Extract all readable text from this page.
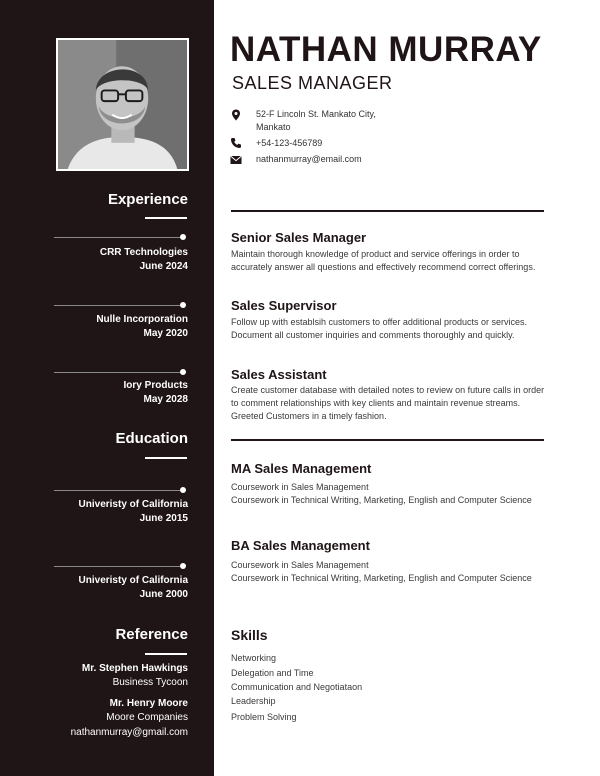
Experience
CRR Technologies
June 2024
Nulle Incorporation
May 2020
Iory Products
May 2028
Education
Univeristy of California
June 2015
Univeristy of California
June 2000
Reference
Mr. Stephen Hawkings
Business Tycoon
Mr. Henry Moore
Moore Companies
nathanmurray@gmail.com
NATHAN MURRAY
SALES MANAGER
52-F Lincoln St. Mankato City, Mankato
+54-123-456789
nathanmurray@email.com
Senior Sales Manager
Maintain thorough knowledge of product and service offerings in order to accurately answer all questions and effectively recommend correct offerings.
Sales Supervisor
Follow up with establsih customers to offer additional products or services. Document all customer inquiries and comments thoroughly and quickly.
Sales Assistant
Create customer database with detailed notes to review on future calls in order to comment relationships with key clients and maintain revenue streams. Greeted Customers in a timely fashion.
MA Sales Management
Coursework in Sales Management
Coursework in Technical Writing, Marketing, English and Computer Science
BA Sales Management
Coursework in Sales Management
Coursework in Technical Writing, Marketing, English and Computer Science
Skills
Networking
Delegation and Time
Communication and Negotiataon
Leadership
Problem Solving
